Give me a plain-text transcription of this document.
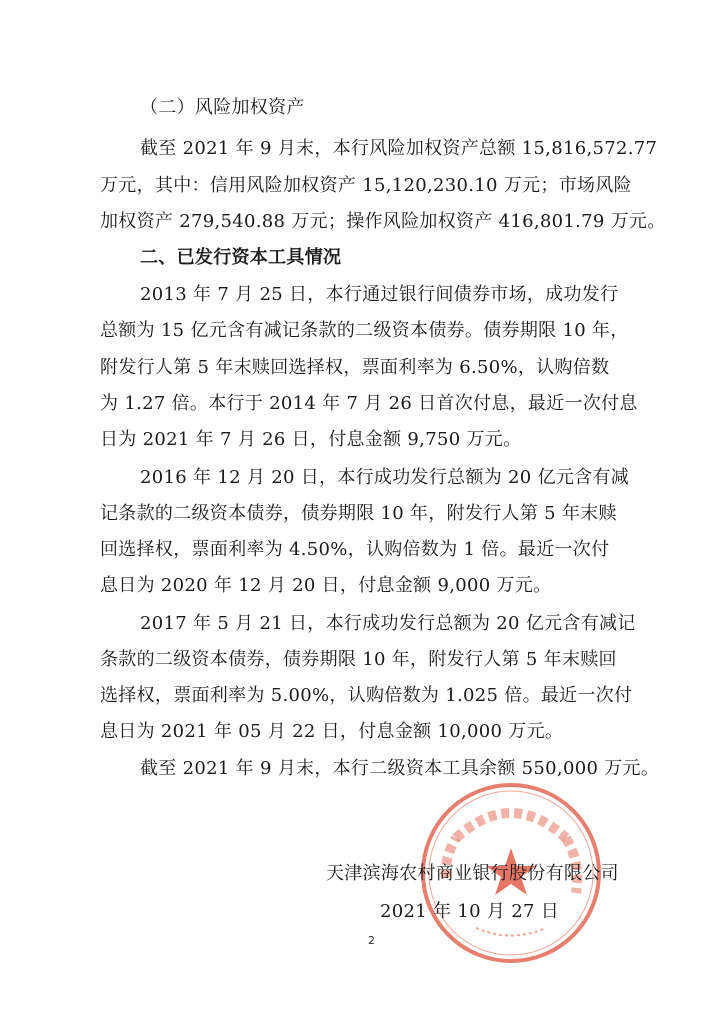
（二）风险加权资产
截至 2021 年 9 月末，本行风险加权资产总额 15,816,572.77
万元，其中：信用风险加权资产 15,120,230.10 万元；市场风险
加权资产 279,540.88 万元；操作风险加权资产 416,801.79 万元。
二、已发行资本工具情况
2013 年 7 月 25 日，本行通过银行间债券市场，成功发行
总额为 15 亿元含有减记条款的二级资本债券。债券期限 10 年，
附发行人第 5 年末赎回选择权，票面利率为 6.50%，认购倍数
为 1.27 倍。本行于 2014 年 7 月 26 日首次付息，最近一次付息
日为 2021 年 7 月 26 日，付息金额 9,750 万元。
2016 年 12 月 20 日，本行成功发行总额为 20 亿元含有减
记条款的二级资本债券，债券期限 10 年，附发行人第 5 年末赎
回选择权，票面利率为 4.50%，认购倍数为 1 倍。最近一次付
息日为 2020 年 12 月 20 日，付息金额 9,000 万元。
2017 年 5 月 21 日，本行成功发行总额为 20 亿元含有减记
条款的二级资本债券，债券期限 10 年，附发行人第 5 年末赎回
选择权，票面利率为 5.00%，认购倍数为 1.025 倍。最近一次付
息日为 2021 年 05 月 22 日，付息金额 10,000 万元。
截至 2021 年 9 月末，本行二级资本工具余额 550,000 万元。
天津滨海农村商业银行股份有限公司
2021 年 10 月 27 日
2
